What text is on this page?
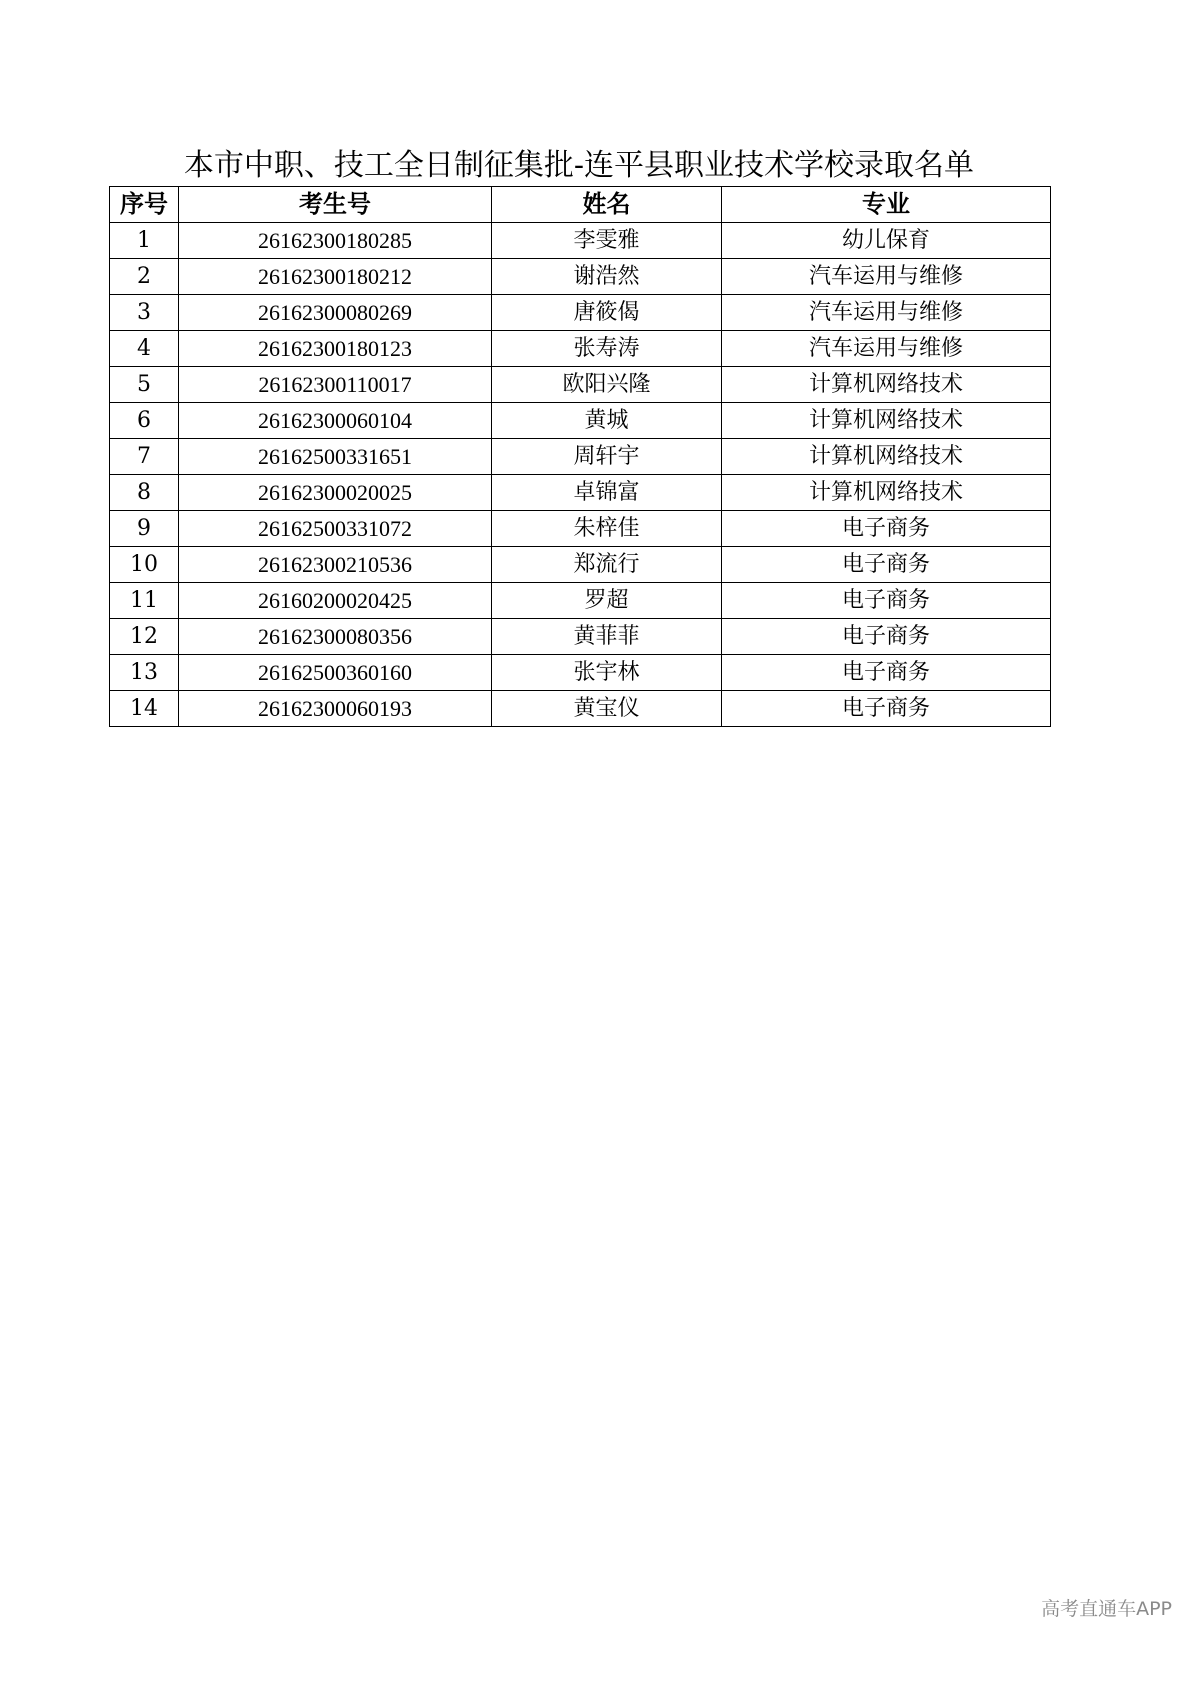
本市中职、技工全日制征集批-连平县职业技术学校录取名单
序号	考生号	姓名	专业
1	26162300180285	李雯雅	幼儿保育
2	26162300180212	谢浩然	汽车运用与维修
3	26162300080269	唐筱偈	汽车运用与维修
4	26162300180123	张寿涛	汽车运用与维修
5	26162300110017	欧阳兴隆	计算机网络技术
6	26162300060104	黄城	计算机网络技术
7	26162500331651	周轩宇	计算机网络技术
8	26162300020025	卓锦富	计算机网络技术
9	26162500331072	朱梓佳	电子商务
10	26162300210536	郑流行	电子商务
11	26160200020425	罗超	电子商务
12	26162300080356	黄菲菲	电子商务
13	26162500360160	张宇林	电子商务
14	26162300060193	黄宝仪	电子商务
高考直通车APP
